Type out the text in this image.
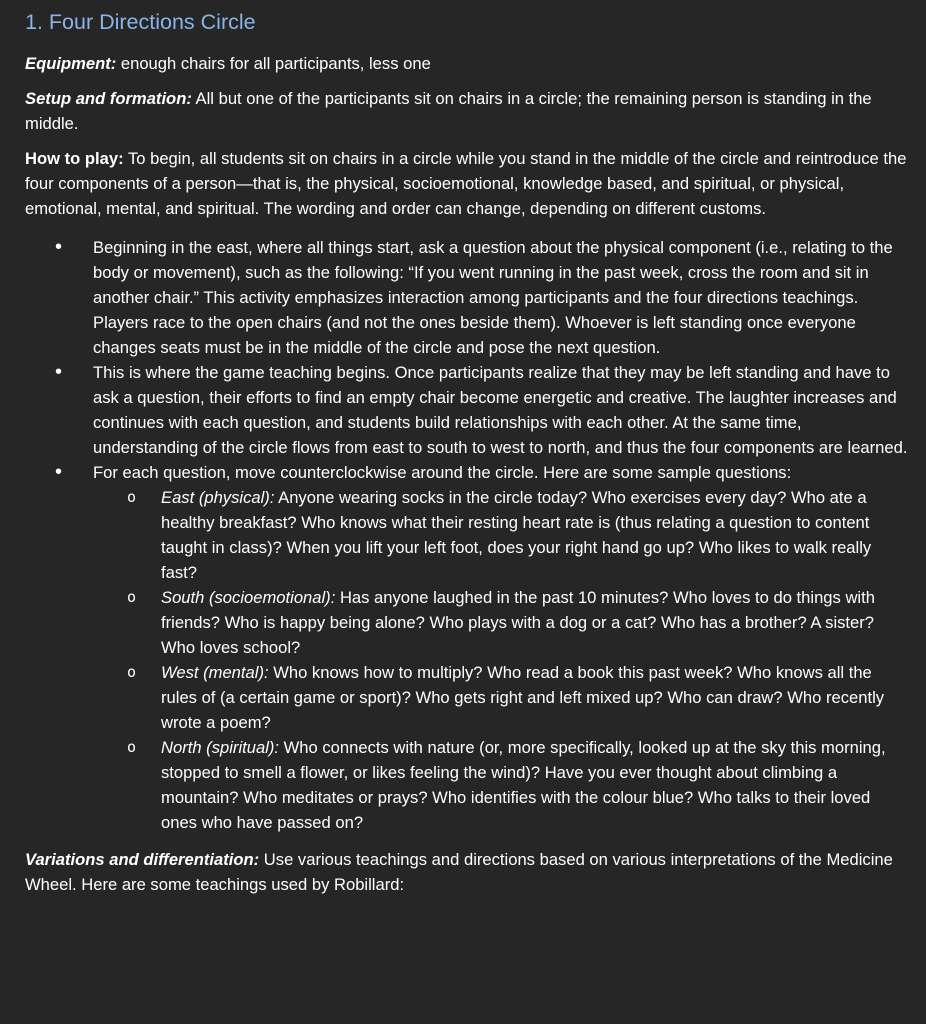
1. Four Directions Circle

Equipment: enough chairs for all participants, less one

Setup and formation: All but one of the participants sit on chairs in a circle; the remaining person is standing in the middle.

How to play: To begin, all students sit on chairs in a circle while you stand in the middle of the circle and reintroduce the four components of a person—that is, the physical, socioemotional, knowledge based, and spiritual, or physical, emotional, mental, and spiritual. The wording and order can change, depending on different customs.

• Beginning in the east, where all things start, ask a question about the physical component (i.e., relating to the body or movement), such as the following: “If you went running in the past week, cross the room and sit in another chair.” This activity emphasizes interaction among participants and the four directions teachings. Players race to the open chairs (and not the ones beside them). Whoever is left standing once everyone changes seats must be in the middle of the circle and pose the next question.
• This is where the game teaching begins. Once participants realize that they may be left standing and have to ask a question, their efforts to find an empty chair become energetic and creative. The laughter increases and continues with each question, and students build relationships with each other. At the same time, understanding of the circle flows from east to south to west to north, and thus the four components are learned.
• For each question, move counterclockwise around the circle. Here are some sample questions:
o East (physical): Anyone wearing socks in the circle today? Who exercises every day? Who ate a healthy breakfast? Who knows what their resting heart rate is (thus relating a question to content taught in class)? When you lift your left foot, does your right hand go up? Who likes to walk really fast?
o South (socioemotional): Has anyone laughed in the past 10 minutes? Who loves to do things with friends? Who is happy being alone? Who plays with a dog or a cat? Who has a brother? A sister? Who loves school?
o West (mental): Who knows how to multiply? Who read a book this past week? Who knows all the rules of (a certain game or sport)? Who gets right and left mixed up? Who can draw? Who recently wrote a poem?
o North (spiritual): Who connects with nature (or, more specifically, looked up at the sky this morning, stopped to smell a flower, or likes feeling the wind)? Have you ever thought about climbing a mountain? Who meditates or prays? Who identifies with the colour blue? Who talks to their loved ones who have passed on?

Variations and differentiation: Use various teachings and directions based on various interpretations of the Medicine Wheel. Here are some teachings used by Robillard:
